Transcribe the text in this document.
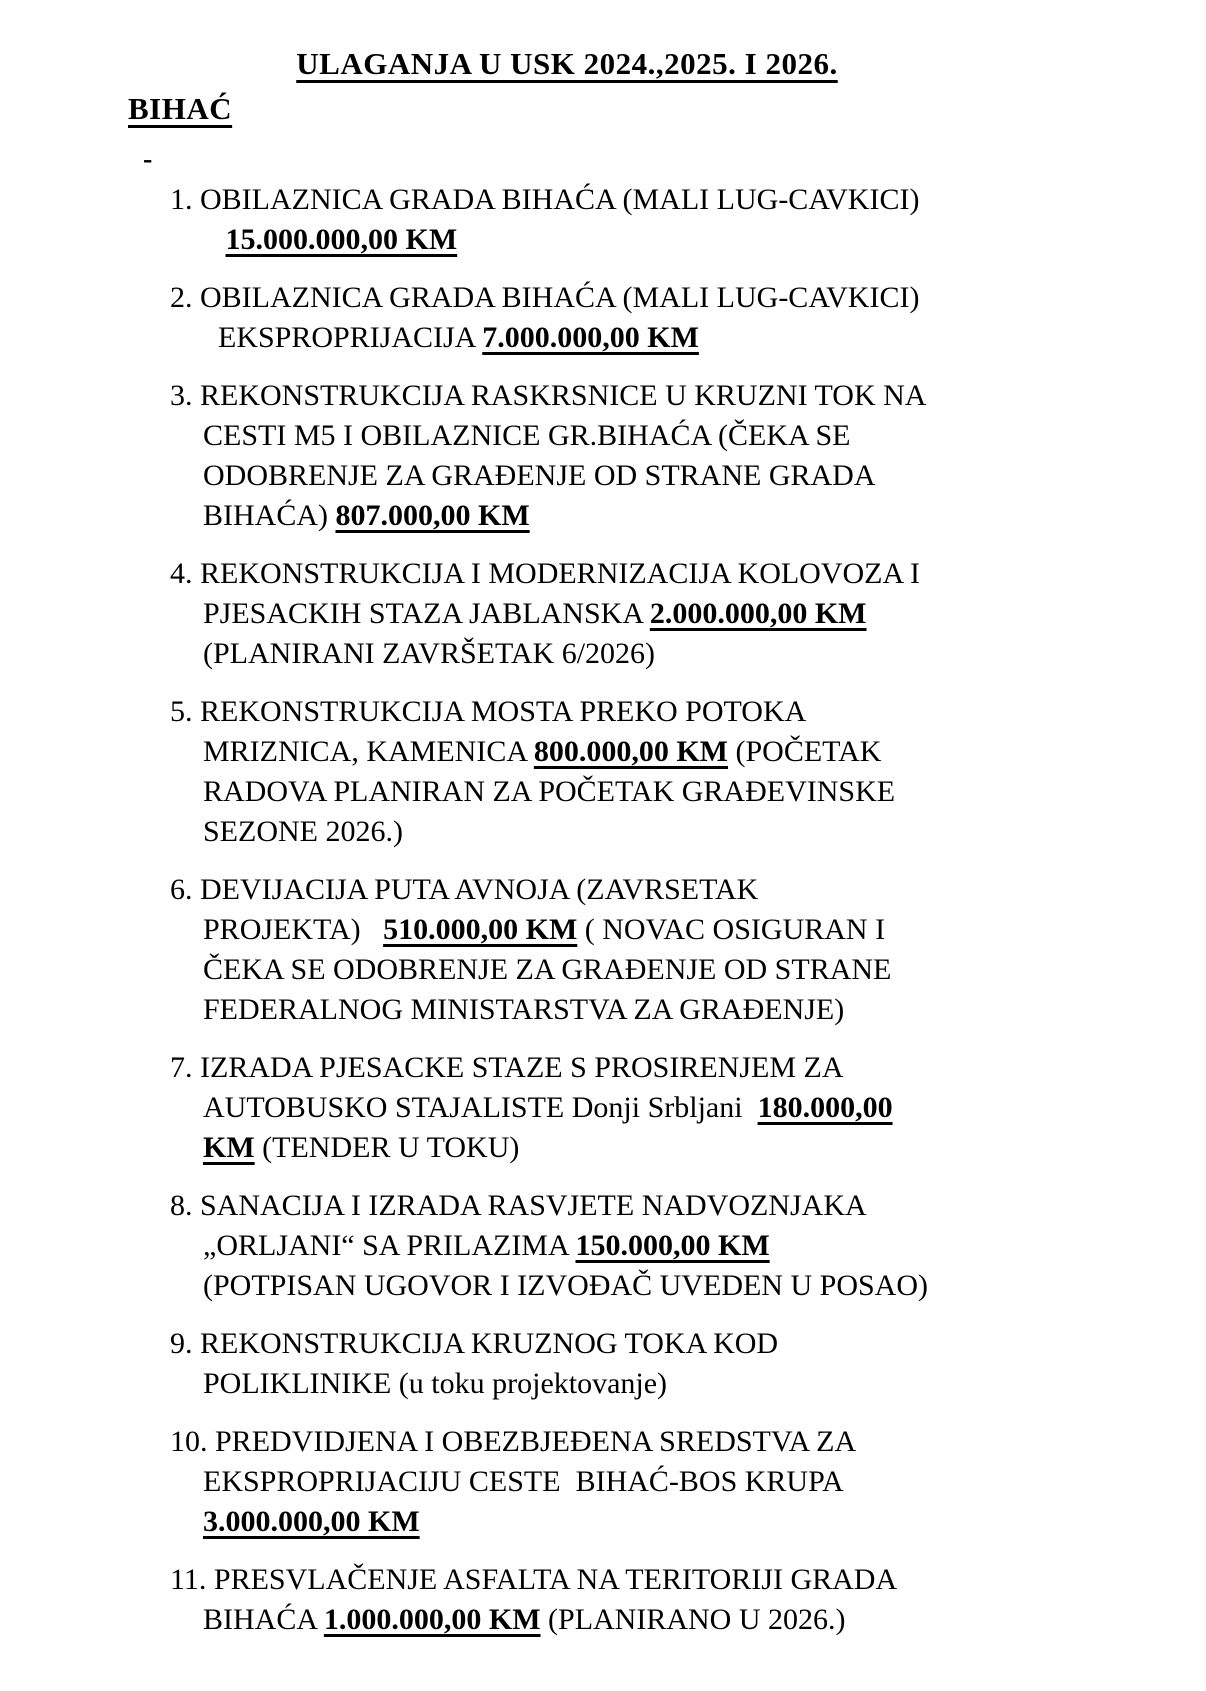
ULAGANJA U USK 2024.,2025. I 2026.
BIHAĆ
-
1. OBILAZNICA GRADA BIHAĆA (MALI LUG-CAVKICI)
15.000.000,00 KM
2. OBILAZNICA GRADA BIHAĆA (MALI LUG-CAVKICI)
EKSPROPRIJACIJA 7.000.000,00 KM
3. REKONSTRUKCIJA RASKRSNICE U KRUZNI TOK NA
CESTI M5 I OBILAZNICE GR.BIHAĆA (ČEKA SE
ODOBRENJE ZA GRAĐENJE OD STRANE GRADA
BIHAĆA) 807.000,00 KM
4. REKONSTRUKCIJA I MODERNIZACIJA KOLOVOZA I
PJESACKIH STAZA JABLANSKA 2.000.000,00 KM
(PLANIRANI ZAVRŠETAK 6/2026)
5. REKONSTRUKCIJA MOSTA PREKO POTOKA
MRIZNICA, KAMENICA 800.000,00 KM (POČETAK
RADOVA PLANIRAN ZA POČETAK GRAĐEVINSKE
SEZONE 2026.)
6. DEVIJACIJA PUTA AVNOJA (ZAVRSETAK
PROJEKTA)   510.000,00 KM ( NOVAC OSIGURAN I
ČEKA SE ODOBRENJE ZA GRAĐENJE OD STRANE
FEDERALNOG MINISTARSTVA ZA GRAĐENJE)
7. IZRADA PJESACKE STAZE S PROSIRENJEM ZA
AUTOBUSKO STAJALISTE Donji Srbljani  180.000,00
KM (TENDER U TOKU)
8. SANACIJA I IZRADA RASVJETE NADVOZNJAKA
„ORLJANI“ SA PRILAZIMA 150.000,00 KM
(POTPISAN UGOVOR I IZVOĐAČ UVEDEN U POSAO)
9. REKONSTRUKCIJA KRUZNOG TOKA KOD
POLIKLINIKE (u toku projektovanje)
10. PREDVIDJENA I OBEZBJEĐENA SREDSTVA ZA
EKSPROPRIJACIJU CESTE  BIHAĆ-BOS KRUPA
3.000.000,00 KM
11. PRESVLAČENJE ASFALTA NA TERITORIJI GRADA
BIHAĆA 1.000.000,00 KM (PLANIRANO U 2026.)
